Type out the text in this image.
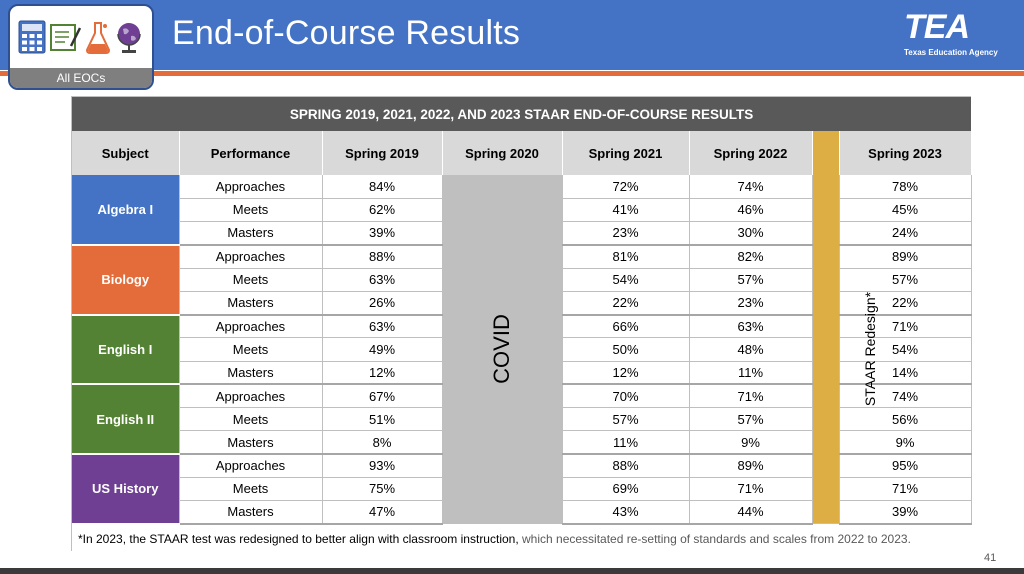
All EOCs
End-of-Course Results	TEA
Texas Education Agency
SPRING 2019, 2021, 2022, AND 2023 STAAR END-OF-COURSE RESULTS							
Subject	Performance	Spring 2019	Spring 2020	Spring 2021	Spring 2022		Spring 2023
Algebra I	Approaches	84%	COVID	72%	74%	STAAR Redesign*	78%
	Meets	62%		41%	46%		45%
	Masters	39%		23%	30%		24%
Biology	Approaches	88%		81%	82%		89%
	Meets	63%		54%	57%		57%
	Masters	26%		22%	23%		22%
English I	Approaches	63%		66%	63%		71%
	Meets	49%		50%	48%		54%
	Masters	12%		12%	11%		14%
English II	Approaches	67%		70%	71%		74%
	Meets	51%		57%	57%		56%
	Masters	8%		11%	9%		9%
US History	Approaches	93%		88%	89%		95%
	Meets	75%		69%	71%		71%
	Masters	47%		43%	44%		39%
*In 2023, the STAAR test was redesigned to better align with classroom instruction, which necessitated re-setting of standards and scales from 2022 to 2023.							
41
